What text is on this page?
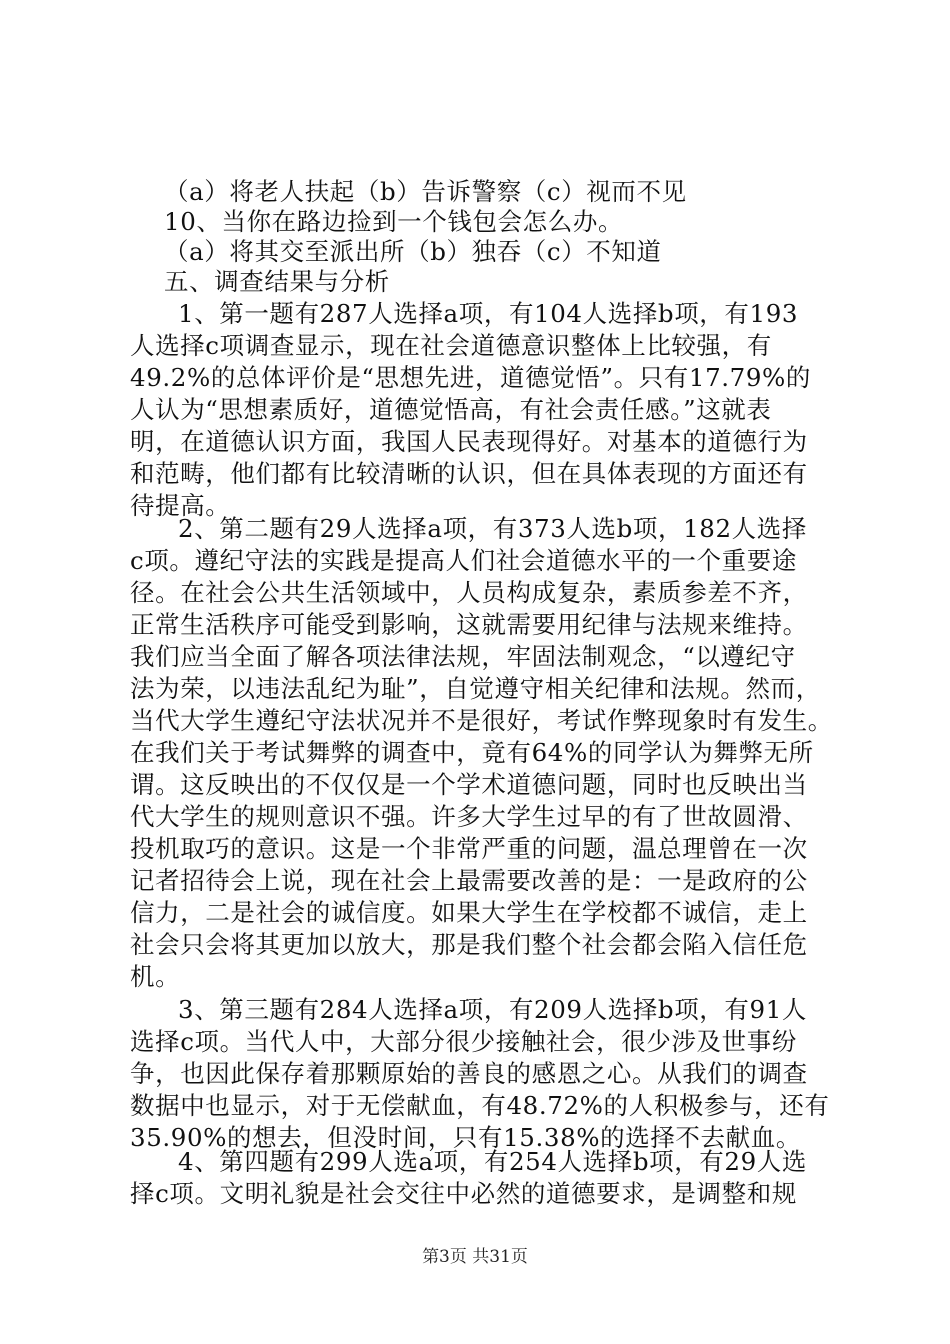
（a）将老人扶起（b）告诉警察（c）视而不见
10、当你在路边捡到一个钱包会怎么办。
（a）将其交至派出所（b）独吞（c）不知道
五、调查结果与分析
1、第一题有287人选择a项，有104人选择b项，有193
人选择c项调查显示，现在社会道德意识整体上比较强，有
49.2%的总体评价是“思想先进，道德觉悟”。只有17.79%的
人认为“思想素质好，道德觉悟高，有社会责任感。”这就表
明，在道德认识方面，我国人民表现得好。对基本的道德行为
和范畴，他们都有比较清晰的认识，但在具体表现的方面还有
待提高。
2、第二题有29人选择a项，有373人选b项，182人选择
c项。遵纪守法的实践是提高人们社会道德水平的一个重要途
径。在社会公共生活领域中，人员构成复杂，素质参差不齐，
正常生活秩序可能受到影响，这就需要用纪律与法规来维持。
我们应当全面了解各项法律法规，牢固法制观念，“以遵纪守
法为荣，以违法乱纪为耻”，自觉遵守相关纪律和法规。然而，
当代大学生遵纪守法状况并不是很好，考试作弊现象时有发生。
在我们关于考试舞弊的调查中，竟有64%的同学认为舞弊无所
谓。这反映出的不仅仅是一个学术道德问题，同时也反映出当
代大学生的规则意识不强。许多大学生过早的有了世故圆滑、
投机取巧的意识。这是一个非常严重的问题，温总理曾在一次
记者招待会上说，现在社会上最需要改善的是：一是政府的公
信力，二是社会的诚信度。如果大学生在学校都不诚信，走上
社会只会将其更加以放大，那是我们整个社会都会陷入信任危
机。
3、第三题有284人选择a项，有209人选择b项，有91人
选择c项。当代人中，大部分很少接触社会，很少涉及世事纷
争，也因此保存着那颗原始的善良的感恩之心。从我们的调查
数据中也显示，对于无偿献血，有48.72%的人积极参与，还有
35.90%的想去，但没时间，只有15.38%的选择不去献血。
4、第四题有299人选a项，有254人选择b项，有29人选
择c项。文明礼貌是社会交往中必然的道德要求，是调整和规
第3页 共31页
